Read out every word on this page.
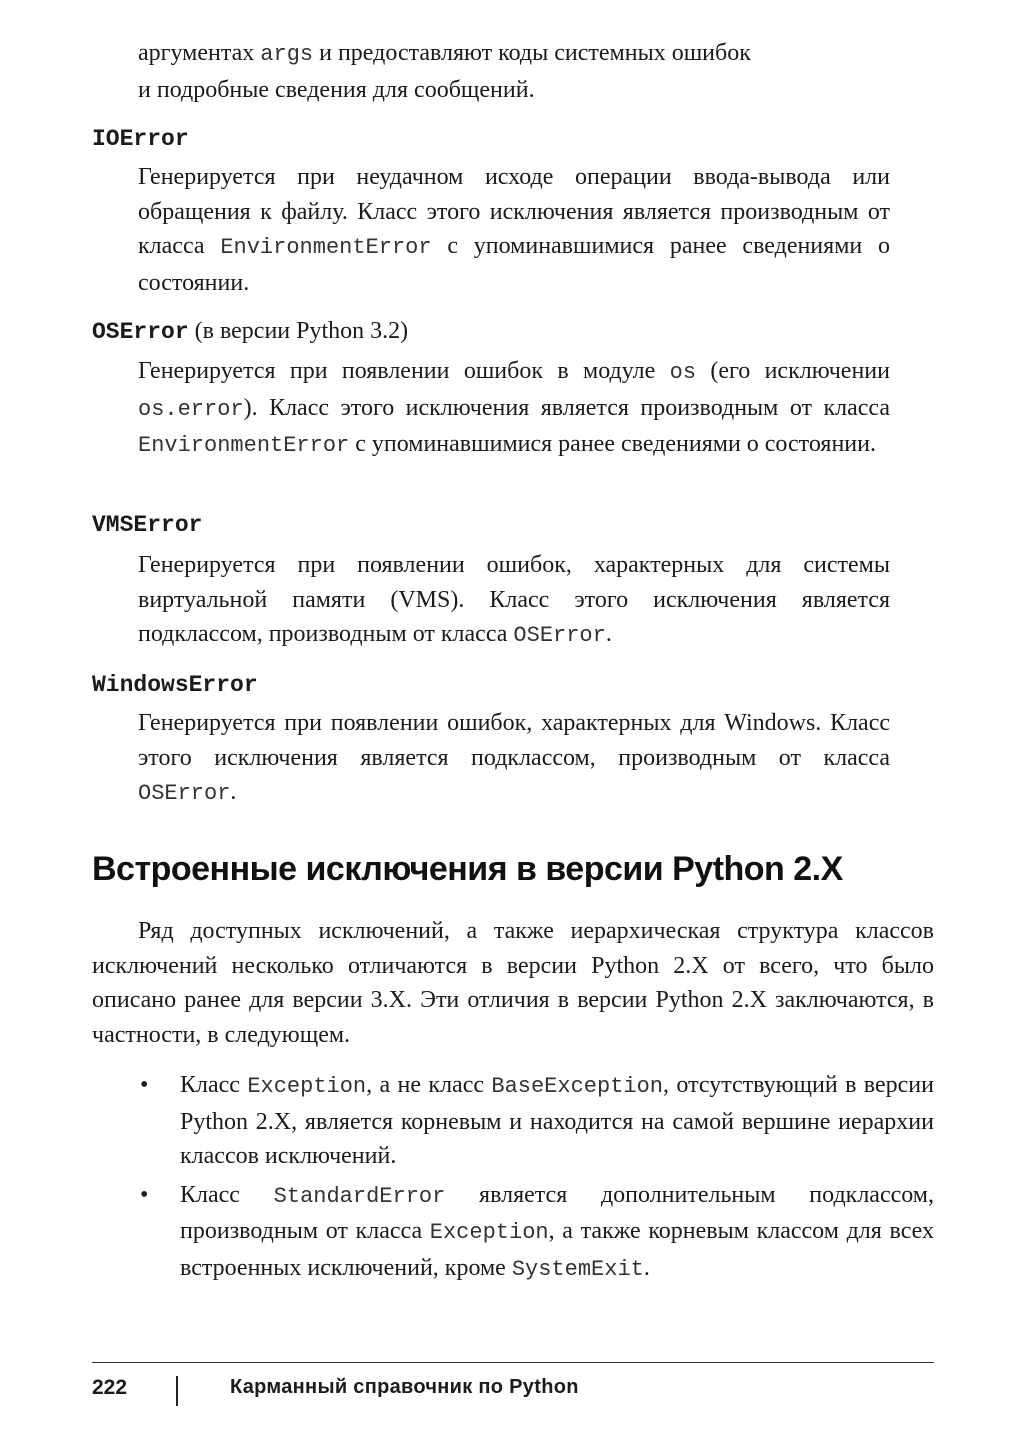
аргументах args и предоставляют коды системных ошибок
и подробные сведения для сообщений.
IOError
Генерируется при неудачном исходе операции ввода-вывода или обращения к файлу. Класс этого исключения является производным от класса EnvironmentError с упоминавшимися ранее сведениями о состоянии.
OSError (в версии Python 3.2)
Генерируется при появлении ошибок в модуле os (его исключении os.error). Класс этого исключения является производным от класса EnvironmentError с упоминавшимися ранее сведениями о состоянии.
VMSError
Генерируется при появлении ошибок, характерных для системы виртуальной памяти (VMS). Класс этого исключения является подклассом, производным от класса OSError.
WindowsError
Генерируется при появлении ошибок, характерных для Windows. Класс этого исключения является подклассом, производным от класса OSError.
Встроенные исключения в версии Python 2.X
Ряд доступных исключений, а также иерархическая структура классов исключений несколько отличаются в версии Python 2.X от всего, что было описано ранее для версии 3.X. Эти отличия в версии Python 2.X заключаются, в частности, в следующем.
• Класс Exception, а не класс BaseException, отсутствующий в версии Python 2.X, является корневым и находится на самой вершине иерархии классов исключений.
• Класс StandardError является дополнительным подклассом, производным от класса Exception, а также корневым классом для всех встроенных исключений, кроме SystemExit.
222	Карманный справочник по Python
